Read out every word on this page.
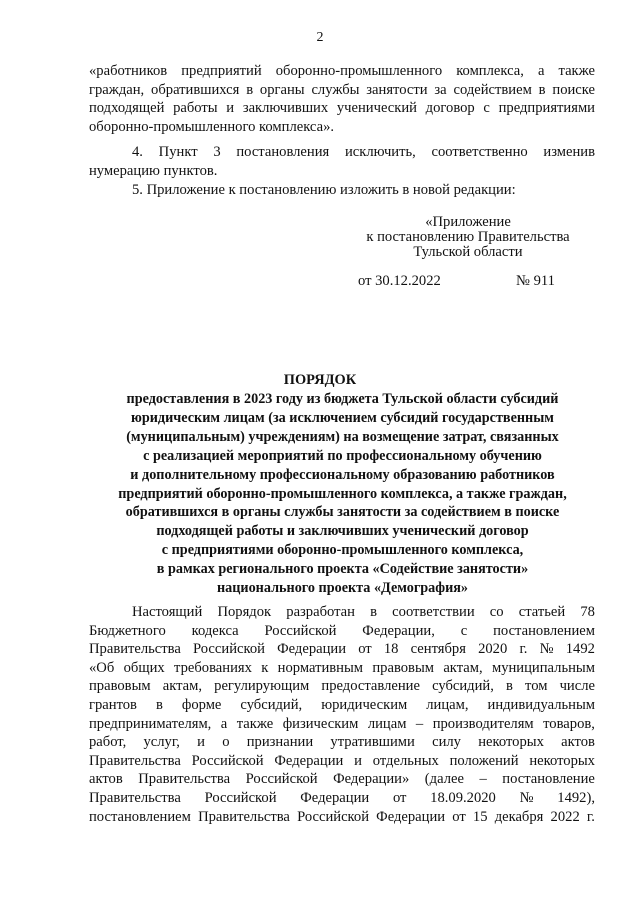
2

«работников предприятий оборонно-промышленного комплекса, а также граждан, обратившихся в органы службы занятости за содействием в поиске подходящей работы и заключивших ученический договор с предприятиями оборонно-промышленного комплекса».

4. Пункт 3 постановления исключить, соответственно изменив нумерацию пунктов.

5. Приложение к постановлению изложить в новой редакции:

«Приложение
к постановлению Правительства
Тульской области
от 30.12.2022	№ 911
ПОРЯДОК
предоставления в 2023 году из бюджета Тульской области субсидий
юридическим лицам (за исключением субсидий государственным
(муниципальным) учреждениям) на возмещение затрат, связанных
с реализацией мероприятий по профессиональному обучению
и дополнительному профессиональному образованию работников
предприятий оборонно-промышленного комплекса, а также граждан,
обратившихся в органы службы занятости за содействием в поиске
подходящей работы и заключивших ученический договор
с предприятиями оборонно-промышленного комплекса,
в рамках регионального проекта «Содействие занятости»
национального проекта «Демография»
Настоящий Порядок разработан в соответствии со статьей 78
Бюджетного кодекса Российской Федерации, с постановлением
Правительства Российской Федерации от 18 сентября 2020 г. № 1492
«Об общих требованиях к нормативным правовым актам, муниципальным
правовым актам, регулирующим предоставление субсидий, в том числе
грантов в форме субсидий, юридическим лицам, индивидуальным
предпринимателям, а также физическим лицам – производителям товаров,
работ, услуг, и о признании утратившими силу некоторых актов
Правительства Российской Федерации и отдельных положений некоторых
актов Правительства Российской Федерации» (далее – постановление
Правительства Российской Федерации от 18.09.2020 № 1492),
постановлением Правительства Российской Федерации от 15 декабря 2022 г.
